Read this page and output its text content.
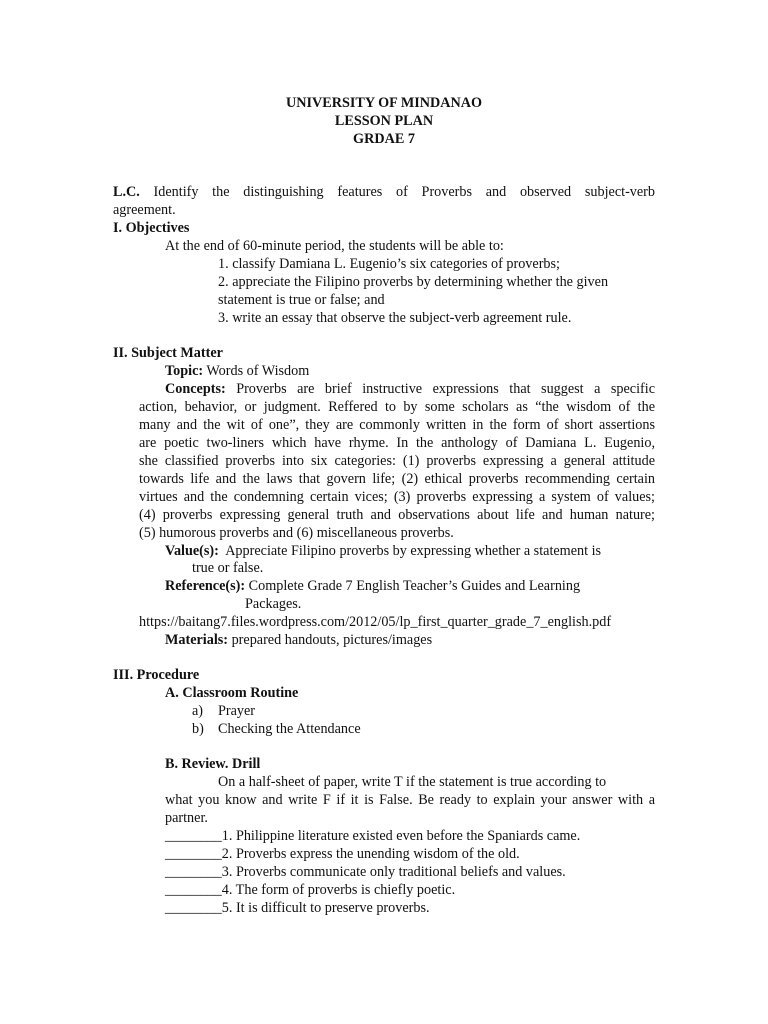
UNIVERSITY OF MINDANAO
LESSON PLAN
GRDAE 7
L.C. Identify the distinguishing features of Proverbs and observed subject-verb
agreement.
I. Objectives
At the end of 60-minute period, the students will be able to:
1. classify Damiana L. Eugenio’s six categories of proverbs;
2. appreciate the Filipino proverbs by determining whether the given
statement is true or false; and
3. write an essay that observe the subject-verb agreement rule.
II. Subject Matter
Topic: Words of Wisdom
Concepts: Proverbs are brief instructive expressions that suggest a specific
action, behavior, or judgment. Reffered to by some scholars as “the wisdom of the
many and the wit of one”, they are commonly written in the form of short assertions
are poetic two-liners which have rhyme. In the anthology of Damiana L. Eugenio,
she classified proverbs into six categories: (1) proverbs expressing a general attitude
towards life and the laws that govern life; (2) ethical proverbs recommending certain
virtues and the condemning certain vices; (3) proverbs expressing a system of values;
(4) proverbs expressing general truth and observations about life and human nature;
(5) humorous proverbs and (6) miscellaneous proverbs.
Value(s): Appreciate Filipino proverbs by expressing whether a statement is
true or false.
Reference(s): Complete Grade 7 English Teacher’s Guides and Learning
Packages.
https://baitang7.files.wordpress.com/2012/05/lp_first_quarter_grade_7_english.pdf
Materials: prepared handouts, pictures/images
III. Procedure
A. Classroom Routine
a) Prayer
b) Checking the Attendance
B. Review. Drill
On a half-sheet of paper, write T if the statement is true according to
what you know and write F if it is False. Be ready to explain your answer with a
partner.
________1. Philippine literature existed even before the Spaniards came.
________2. Proverbs express the unending wisdom of the old.
________3. Proverbs communicate only traditional beliefs and values.
________4. The form of proverbs is chiefly poetic.
________5. It is difficult to preserve proverbs.
